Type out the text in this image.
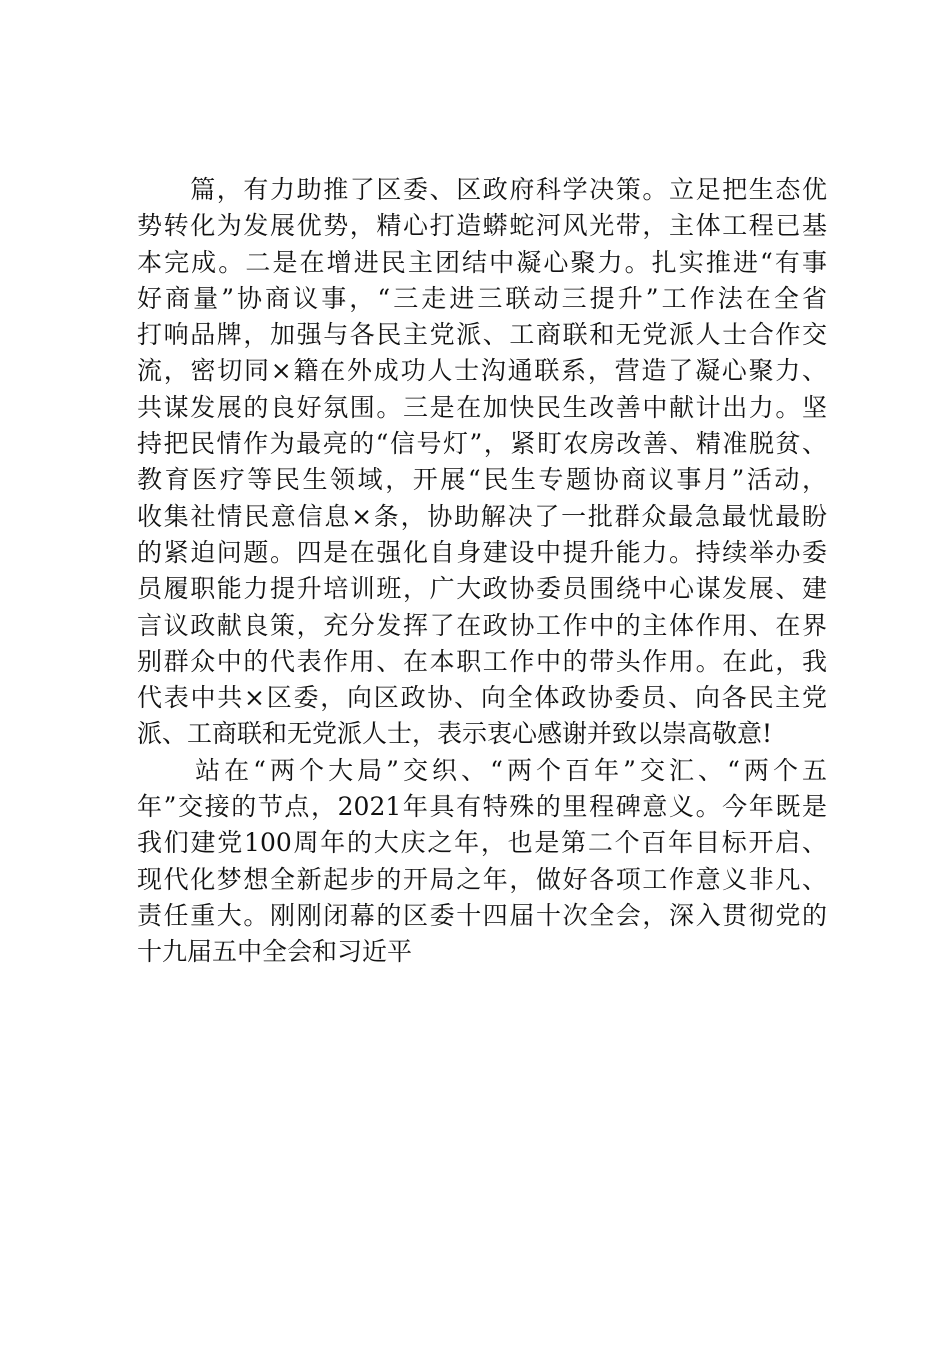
　　篇，有力助推了区委、区政府科学决策。立足把生态优
势转化为发展优势，精心打造蟒蛇河风光带，主体工程已基
本完成。二是在增进民主团结中凝心聚力。扎实推进“有事
好商量”协商议事，“三走进三联动三提升”工作法在全省
打响品牌，加强与各民主党派、工商联和无党派人士合作交
流，密切同×籍在外成功人士沟通联系，营造了凝心聚力、
共谋发展的良好氛围。三是在加快民生改善中献计出力。坚
持把民情作为最亮的“信号灯”，紧盯农房改善、精准脱贫、
教育医疗等民生领域，开展“民生专题协商议事月”活动，
收集社情民意信息×条，协助解决了一批群众最急最忧最盼
的紧迫问题。四是在强化自身建设中提升能力。持续举办委
员履职能力提升培训班，广大政协委员围绕中心谋发展、建
言议政献良策，充分发挥了在政协工作中的主体作用、在界
别群众中的代表作用、在本职工作中的带头作用。在此，我
代表中共×区委，向区政协、向全体政协委员、向各民主党
派、工商联和无党派人士，表示衷心感谢并致以崇高敬意!
　　站在“两个大局”交织、“两个百年”交汇、“两个五
年”交接的节点，2021年具有特殊的里程碑意义。今年既是
我们建党100周年的大庆之年，也是第二个百年目标开启、
现代化梦想全新起步的开局之年，做好各项工作意义非凡、
责任重大。刚刚闭幕的区委十四届十次全会，深入贯彻党的
十九届五中全会和习近平
